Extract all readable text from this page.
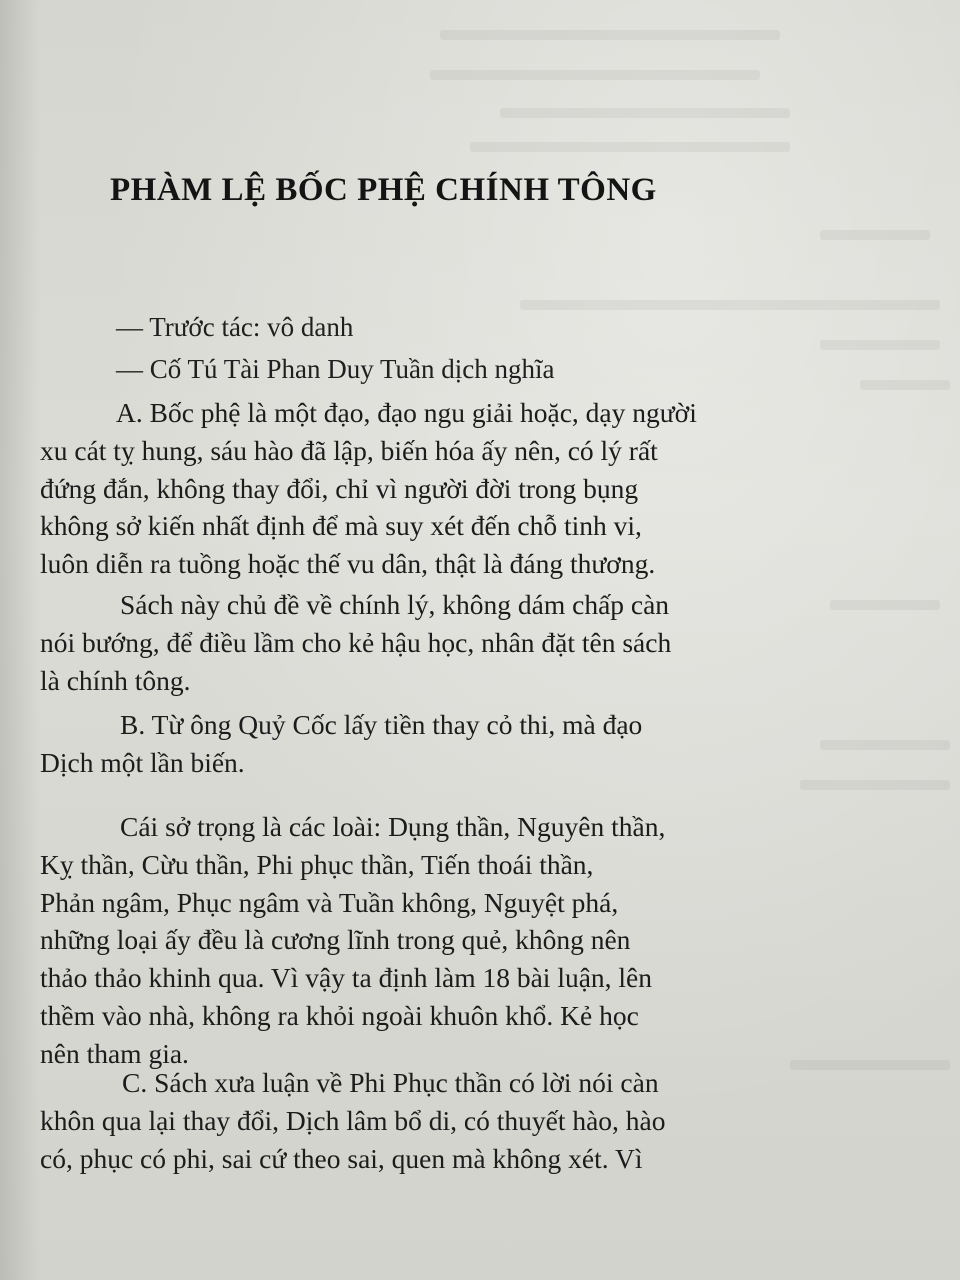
PHÀM LỆ BỐC PHỆ CHÍNH TÔNG
— Trước tác: vô danh
— Cố Tú Tài Phan Duy Tuần dịch nghĩa
A. Bốc phệ là một đạo, đạo ngu giải hoặc, dạy người
xu cát tỵ hung, sáu hào đã lập, biến hóa ấy nên, có lý rất
đứng đắn, không thay đổi, chỉ vì người đời trong bụng
không sở kiến nhất định để mà suy xét đến chỗ tinh vi,
luôn diễn ra tuồng hoặc thế vu dân, thật là đáng thương.
Sách này chủ đề về chính lý, không dám chấp càn
nói bướng, để điều lầm cho kẻ hậu học, nhân đặt tên sách
là chính tông.
B. Từ ông Quỷ Cốc lấy tiền thay cỏ thi, mà đạo
Dịch một lần biến.
Cái sở trọng là các loài: Dụng thần, Nguyên thần,
Kỵ thần, Cừu thần, Phi phục thần, Tiến thoái thần,
Phản ngâm, Phục ngâm và Tuần không, Nguyệt phá,
những loại ấy đều là cương lĩnh trong quẻ, không nên
thảo thảo khinh qua. Vì vậy ta định làm 18 bài luận, lên
thềm vào nhà, không ra khỏi ngoài khuôn khổ. Kẻ học
nên tham gia.
C. Sách xưa luận về Phi Phục thần có lời nói càn
khôn qua lại thay đổi, Dịch lâm bổ di, có thuyết hào, hào
có, phục có phi, sai cứ theo sai, quen mà không xét. Vì
